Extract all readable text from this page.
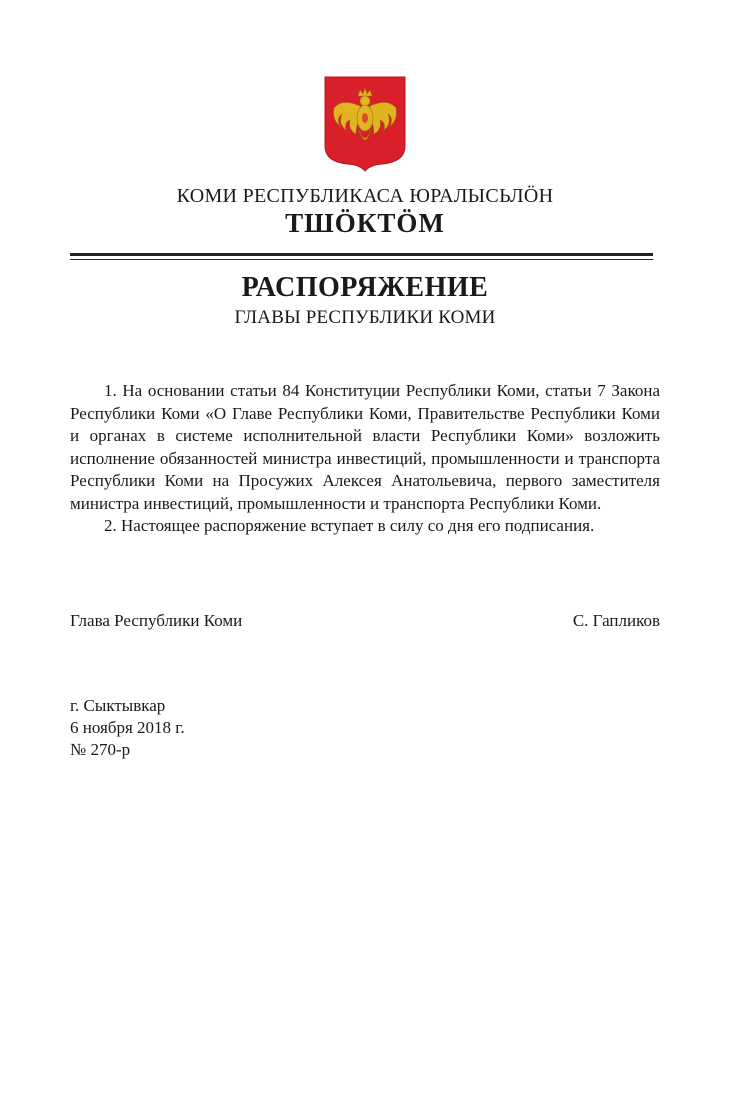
КОМИ РЕСПУБЛИКАСА ЮРАЛЫСЬЛӦН
ТШӦКТӦМ
РАСПОРЯЖЕНИЕ
ГЛАВЫ РЕСПУБЛИКИ КОМИ

1. На основании статьи 84 Конституции Республики Коми, статьи 7 Закона Республики Коми «О Главе Республики Коми, Правительстве Республики Коми и органах в системе исполнительной власти Республики Коми» возложить исполнение обязанностей министра инвестиций, промышленности и транспорта Республики Коми на Просужих Алексея Анатольевича, первого заместителя министра инвестиций, промышленности и транспорта Республики Коми.

2. Настоящее распоряжение вступает в силу со дня его подписания.

Глава Республики Коми	С. Гапликов
г. Сыктывкар
6 ноября 2018 г.
№ 270-р
